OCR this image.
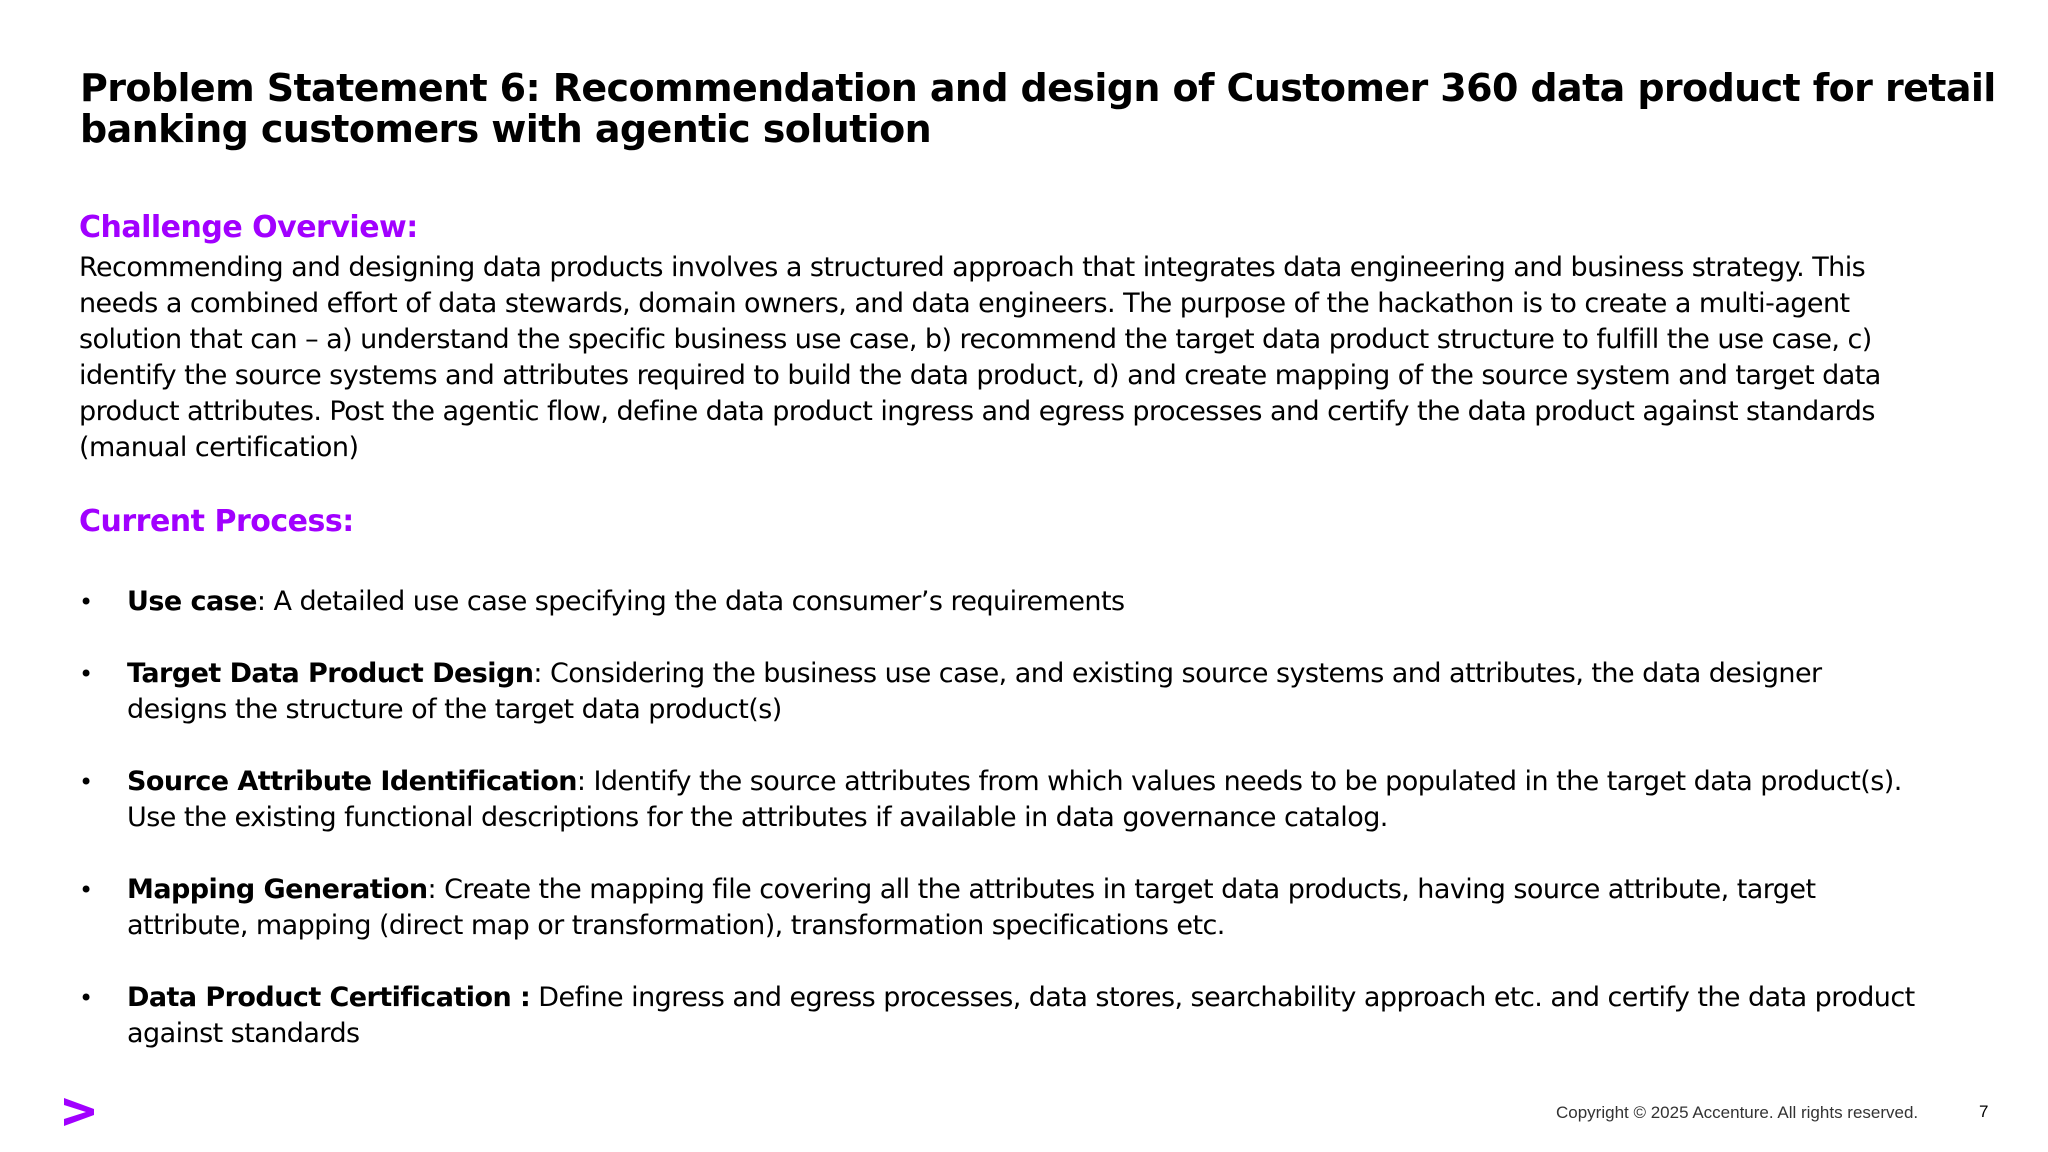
Problem Statement 6: Recommendation and design of Customer 360 data product for retail
banking customers with agentic solution
Challenge Overview:

Recommending and designing data products involves a structured approach that integrates data engineering and business strategy. This
needs a combined effort of data stewards, domain owners, and data engineers. The purpose of the hackathon is to create a multi-agent
solution that can – a) understand the specific business use case, b) recommend the target data product structure to fulfill the use case, c)
identify the source systems and attributes required to build the data product, d) and create mapping of the source system and target data
product attributes. Post the agentic flow, define data product ingress and egress processes and certify the data product against standards
(manual certification)

Current Process:
• Use case: A detailed use case specifying the data consumer’s requirements
• Target Data Product Design: Considering the business use case, and existing source systems and attributes, the data designer
designs the structure of the target data product(s)
• Source Attribute Identification: Identify the source attributes from which values needs to be populated in the target data product(s).
Use the existing functional descriptions for the attributes if available in data governance catalog.
• Mapping Generation: Create the mapping file covering all the attributes in target data products, having source attribute, target
attribute, mapping (direct map or transformation), transformation specifications etc.
• Data Product Certification : Define ingress and egress processes, data stores, searchability approach etc. and certify the data product
against standards
Copyright © 2025 Accenture. All rights reserved.	7
